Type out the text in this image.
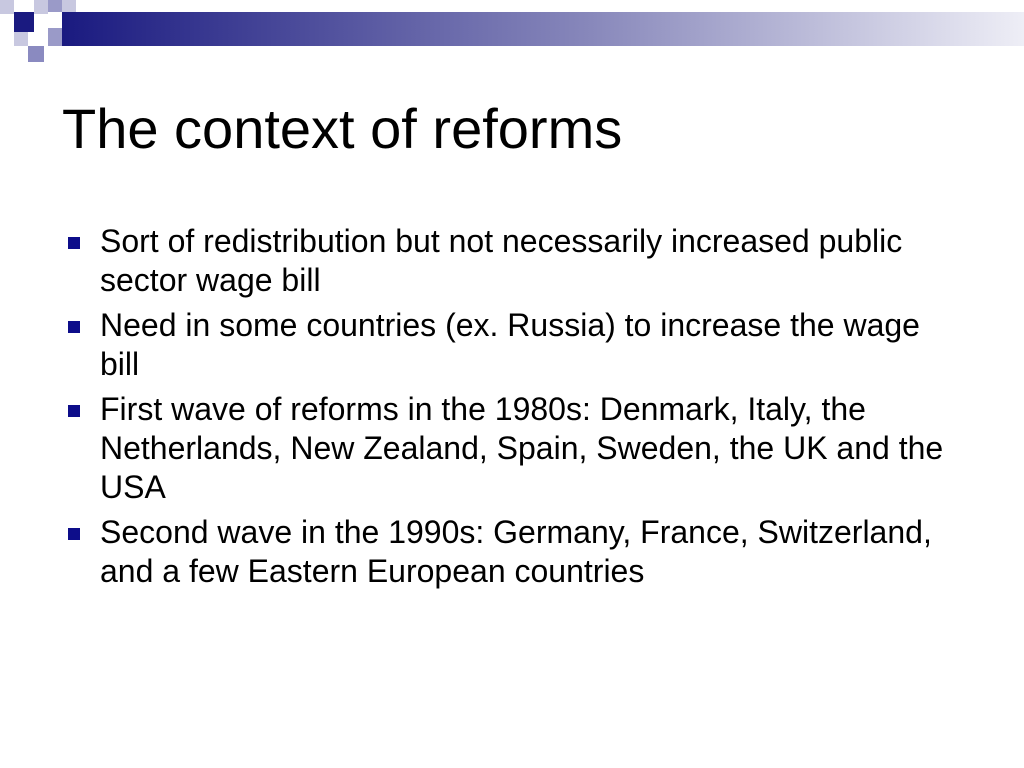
The context of reforms
Sort of redistribution but not necessarily increased public sector wage bill
Need in some countries (ex. Russia) to increase the wage bill
First wave of reforms in the 1980s: Denmark, Italy, the Netherlands, New Zealand, Spain, Sweden, the UK and the USA
Second wave in the 1990s: Germany, France, Switzerland, and a few Eastern European countries
